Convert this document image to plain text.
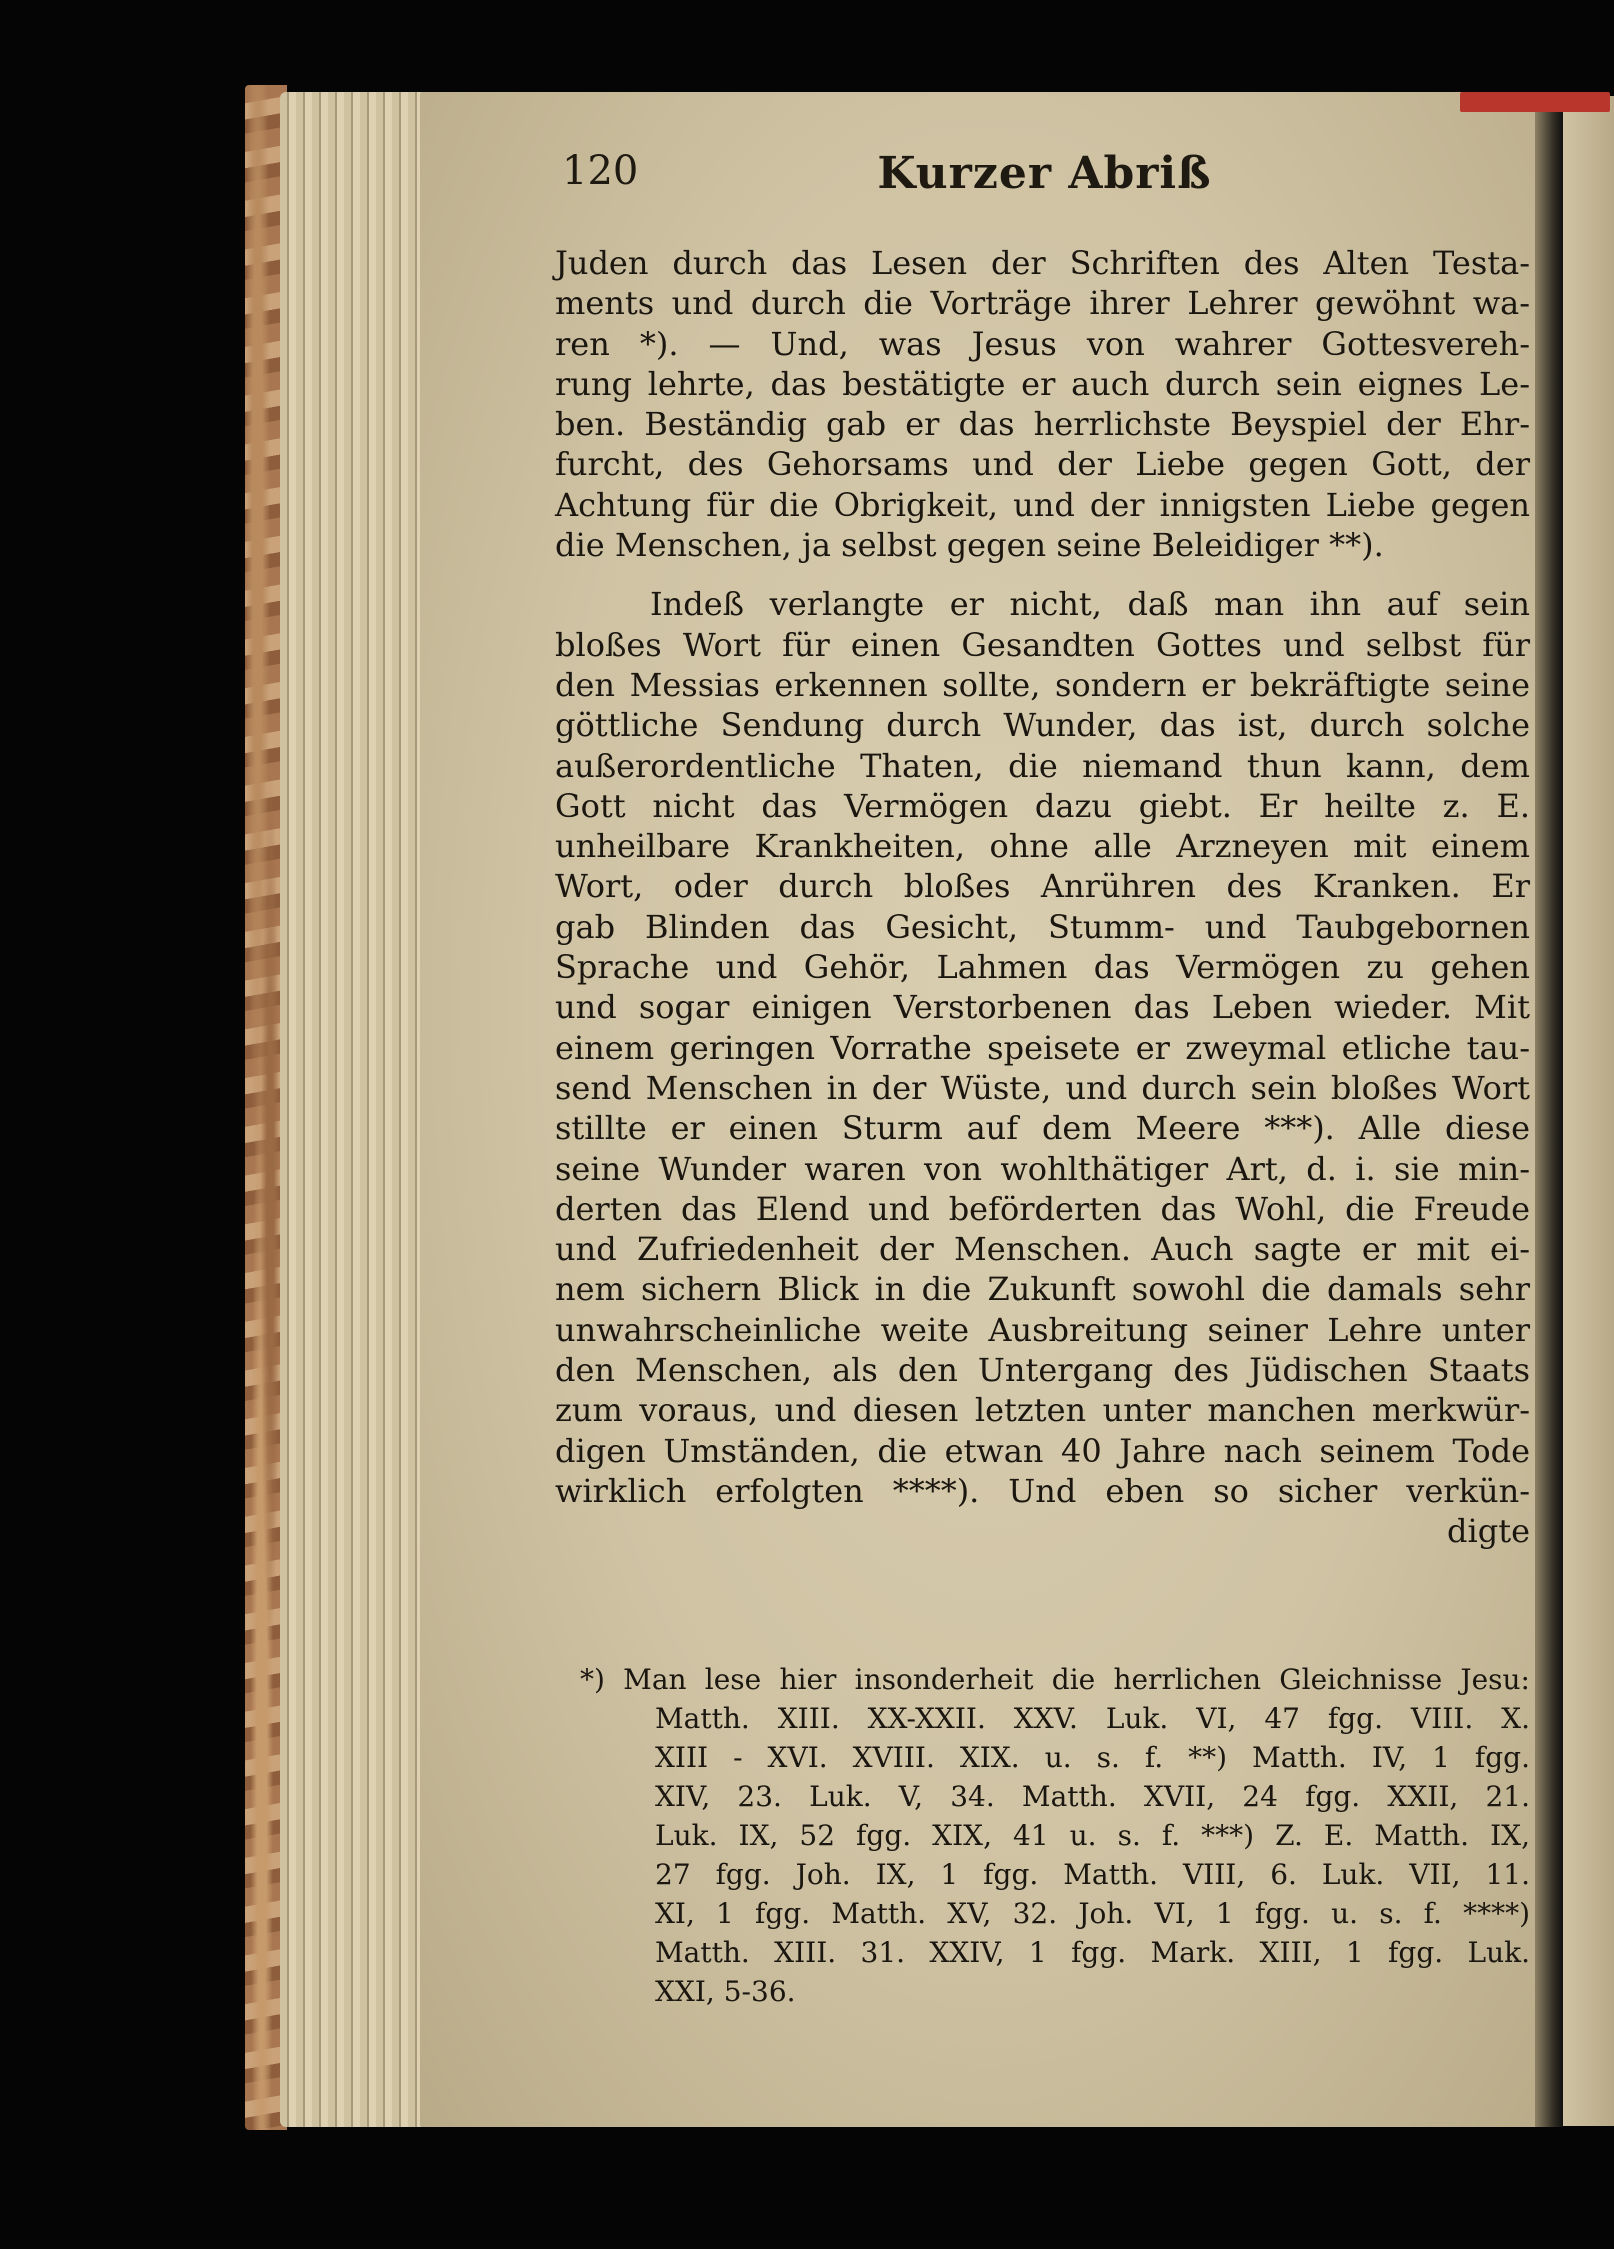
120	Kurzer Abriß
Juden durch das Lesen der Schriften des Alten Testa-
ments und durch die Vorträge ihrer Lehrer gewöhnt wa-
ren *). — Und, was Jesus von wahrer Gottesvereh-
rung lehrte, das bestätigte er auch durch sein eignes Le-
ben. Beständig gab er das herrlichste Beyspiel der Ehr-
furcht, des Gehorsams und der Liebe gegen Gott, der
Achtung für die Obrigkeit, und der innigsten Liebe gegen
die Menschen, ja selbst gegen seine Beleidiger **).
Indeß verlangte er nicht, daß man ihn auf sein
bloßes Wort für einen Gesandten Gottes und selbst für
den Messias erkennen sollte, sondern er bekräftigte seine
göttliche Sendung durch Wunder, das ist, durch solche
außerordentliche Thaten, die niemand thun kann, dem
Gott nicht das Vermögen dazu giebt. Er heilte z. E.
unheilbare Krankheiten, ohne alle Arzneyen mit einem
Wort, oder durch bloßes Anrühren des Kranken. Er
gab Blinden das Gesicht, Stumm- und Taubgebornen
Sprache und Gehör, Lahmen das Vermögen zu gehen
und sogar einigen Verstorbenen das Leben wieder. Mit
einem geringen Vorrathe speisete er zweymal etliche tau-
send Menschen in der Wüste, und durch sein bloßes Wort
stillte er einen Sturm auf dem Meere ***). Alle diese
seine Wunder waren von wohlthätiger Art, d. i. sie min-
derten das Elend und beförderten das Wohl, die Freude
und Zufriedenheit der Menschen. Auch sagte er mit ei-
nem sichern Blick in die Zukunft sowohl die damals sehr
unwahrscheinliche weite Ausbreitung seiner Lehre unter
den Menschen, als den Untergang des Jüdischen Staats
zum voraus, und diesen letzten unter manchen merkwür-
digen Umständen, die etwan 40 Jahre nach seinem Tode
wirklich erfolgten ****). Und eben so sicher verkün-
digte
*) Man lese hier insonderheit die herrlichen Gleichnisse Jesu:
Matth. XIII. XX-XXII. XXV. Luk. VI, 47 fgg. VIII. X.
XIII - XVI. XVIII. XIX. u. s. f. **) Matth. IV, 1 fgg.
XIV, 23. Luk. V, 34. Matth. XVII, 24 fgg. XXII, 21.
Luk. IX, 52 fgg. XIX, 41 u. s. f. ***) Z. E. Matth. IX,
27 fgg. Joh. IX, 1 fgg. Matth. VIII, 6. Luk. VII, 11.
XI, 1 fgg. Matth. XV, 32. Joh. VI, 1 fgg. u. s. f. ****)
Matth. XIII. 31. XXIV, 1 fgg. Mark. XIII, 1 fgg. Luk.
XXI, 5-36.
